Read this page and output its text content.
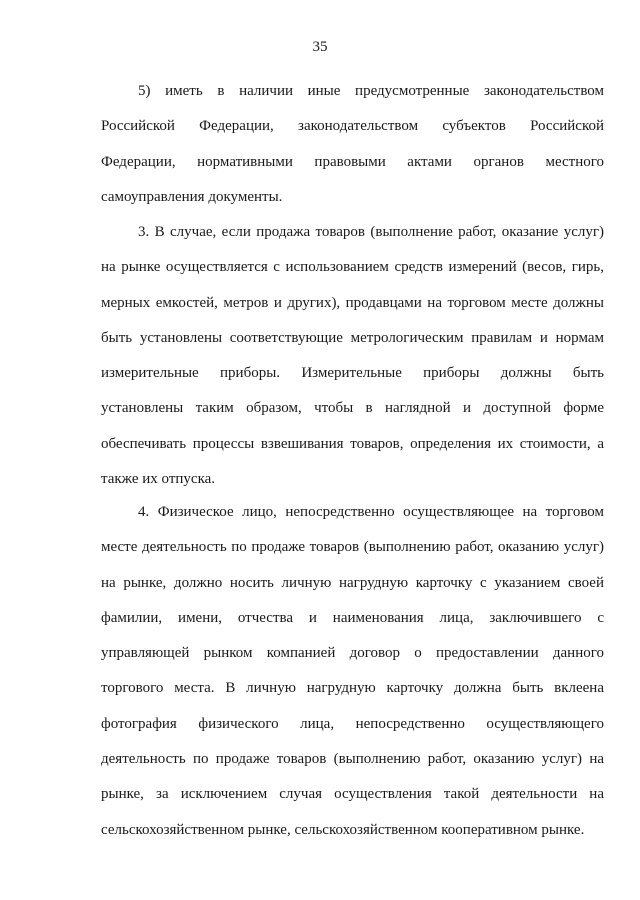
35
5) иметь в наличии иные предусмотренные законодательством
Российской Федерации, законодательством субъектов Российской
Федерации, нормативными правовыми актами органов местного
самоуправления документы.
3. В случае, если продажа товаров (выполнение работ, оказание услуг)
на рынке осуществляется с использованием средств измерений (весов, гирь,
мерных емкостей, метров и других), продавцами на торговом месте должны
быть установлены соответствующие метрологическим правилам и нормам
измерительные приборы. Измерительные приборы должны быть
установлены таким образом, чтобы в наглядной и доступной форме
обеспечивать процессы взвешивания товаров, определения их стоимости, а
также их отпуска.
4. Физическое лицо, непосредственно осуществляющее на торговом
месте деятельность по продаже товаров (выполнению работ, оказанию услуг)
на рынке, должно носить личную нагрудную карточку с указанием своей
фамилии, имени, отчества и наименования лица, заключившего с
управляющей рынком компанией договор о предоставлении данного
торгового места. В личную нагрудную карточку должна быть вклеена
фотография физического лица, непосредственно осуществляющего
деятельность по продаже товаров (выполнению работ, оказанию услуг) на
рынке, за исключением случая осуществления такой деятельности на
сельскохозяйственном рынке, сельскохозяйственном кооперативном рынке.
